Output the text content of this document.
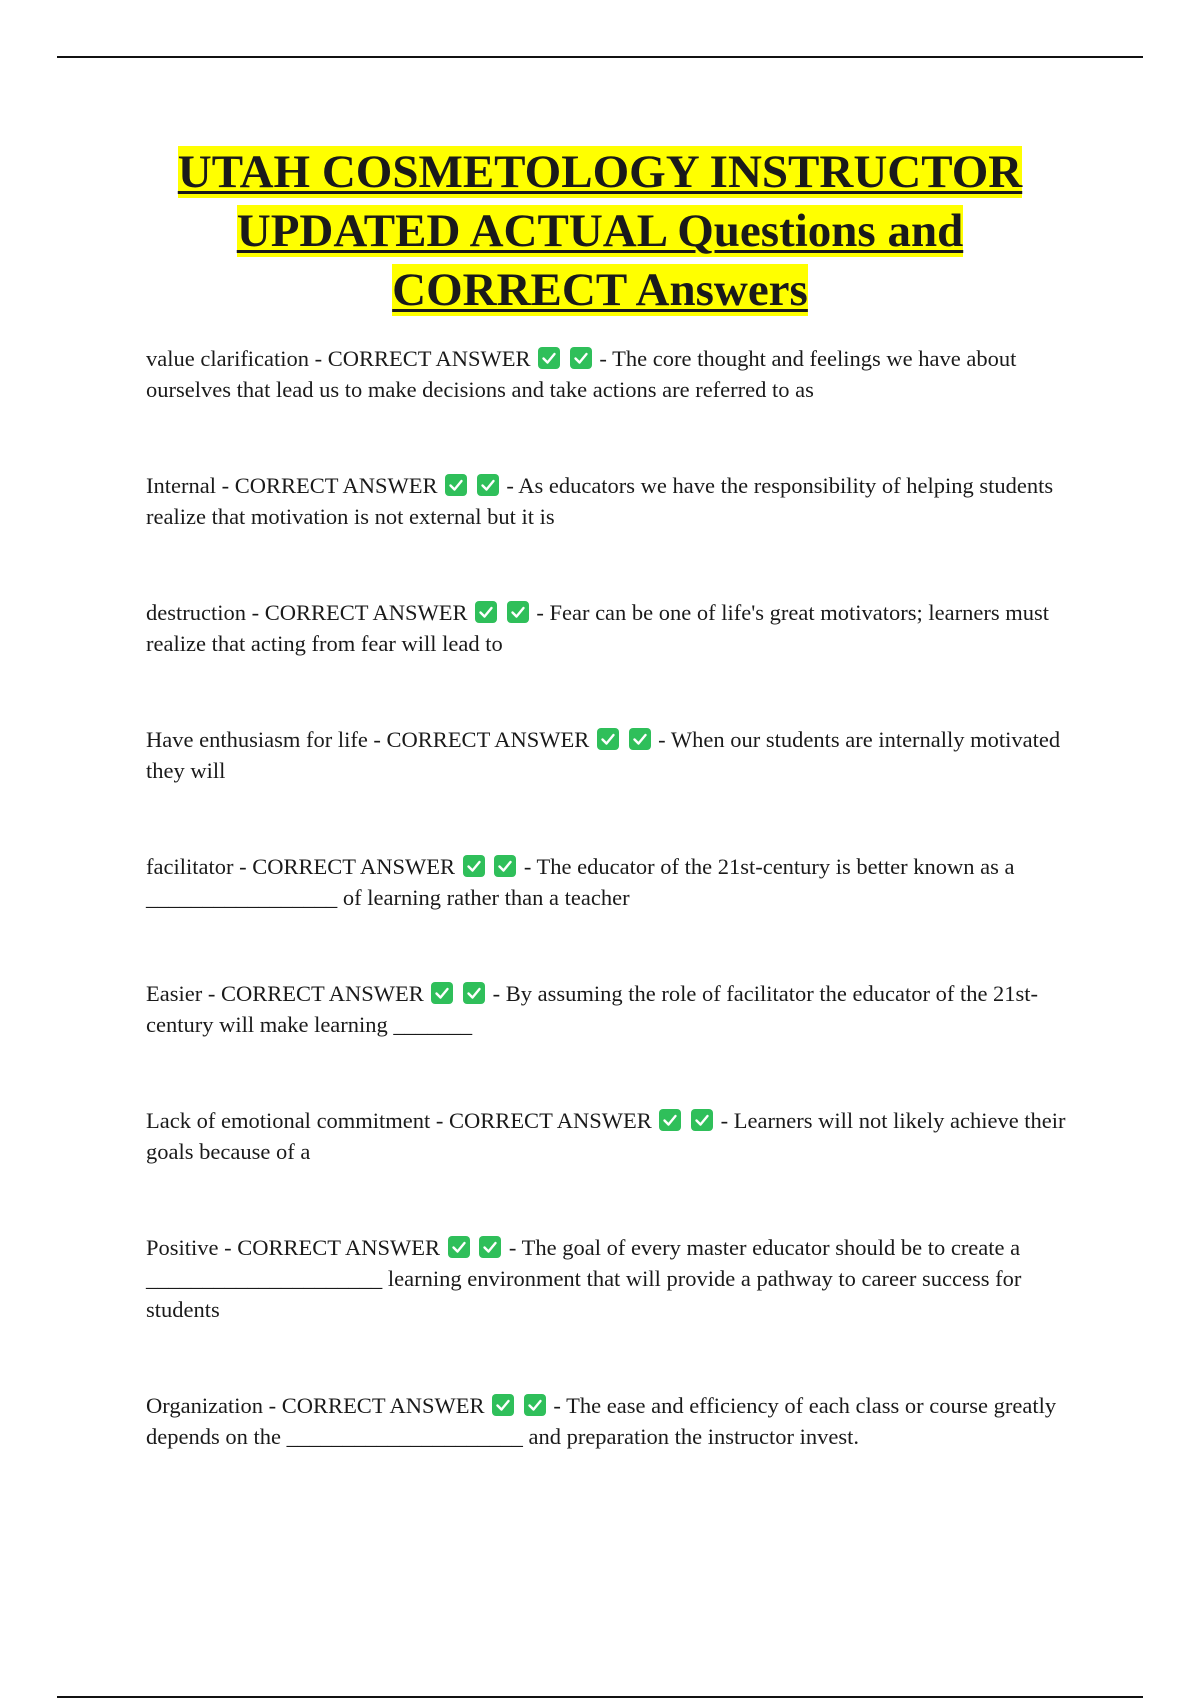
UTAH COSMETOLOGY INSTRUCTOR
UPDATED ACTUAL Questions and
CORRECT Answers
value clarification - CORRECT ANSWER
	- The core thought and feelings we have about ourselves that lead us to make decisions and take actions are referred to as
Internal - CORRECT ANSWER
	- As educators we have the responsibility of helping students realize that motivation is not external but it is
destruction - CORRECT ANSWER
	- Fear can be one of life's great motivators; learners must realize that acting from fear will lead to
Have enthusiasm for life - CORRECT ANSWER
	- When our students are internally motivated they will
facilitator - CORRECT ANSWER
	- The educator of the 21st-century is better known as a _________________ of learning rather than a teacher
Easier - CORRECT ANSWER
	- By assuming the role of facilitator the educator of the 21st-century will make learning _______
Lack of emotional commitment - CORRECT ANSWER
	- Learners will not likely achieve their goals because of a
Positive - CORRECT ANSWER
	- The goal of every master educator should be to create a _____________________ learning environment that will provide a pathway to career success for students
Organization - CORRECT ANSWER
	- The ease and efficiency of each class or course greatly depends on the _____________________ and preparation the instructor invest.
